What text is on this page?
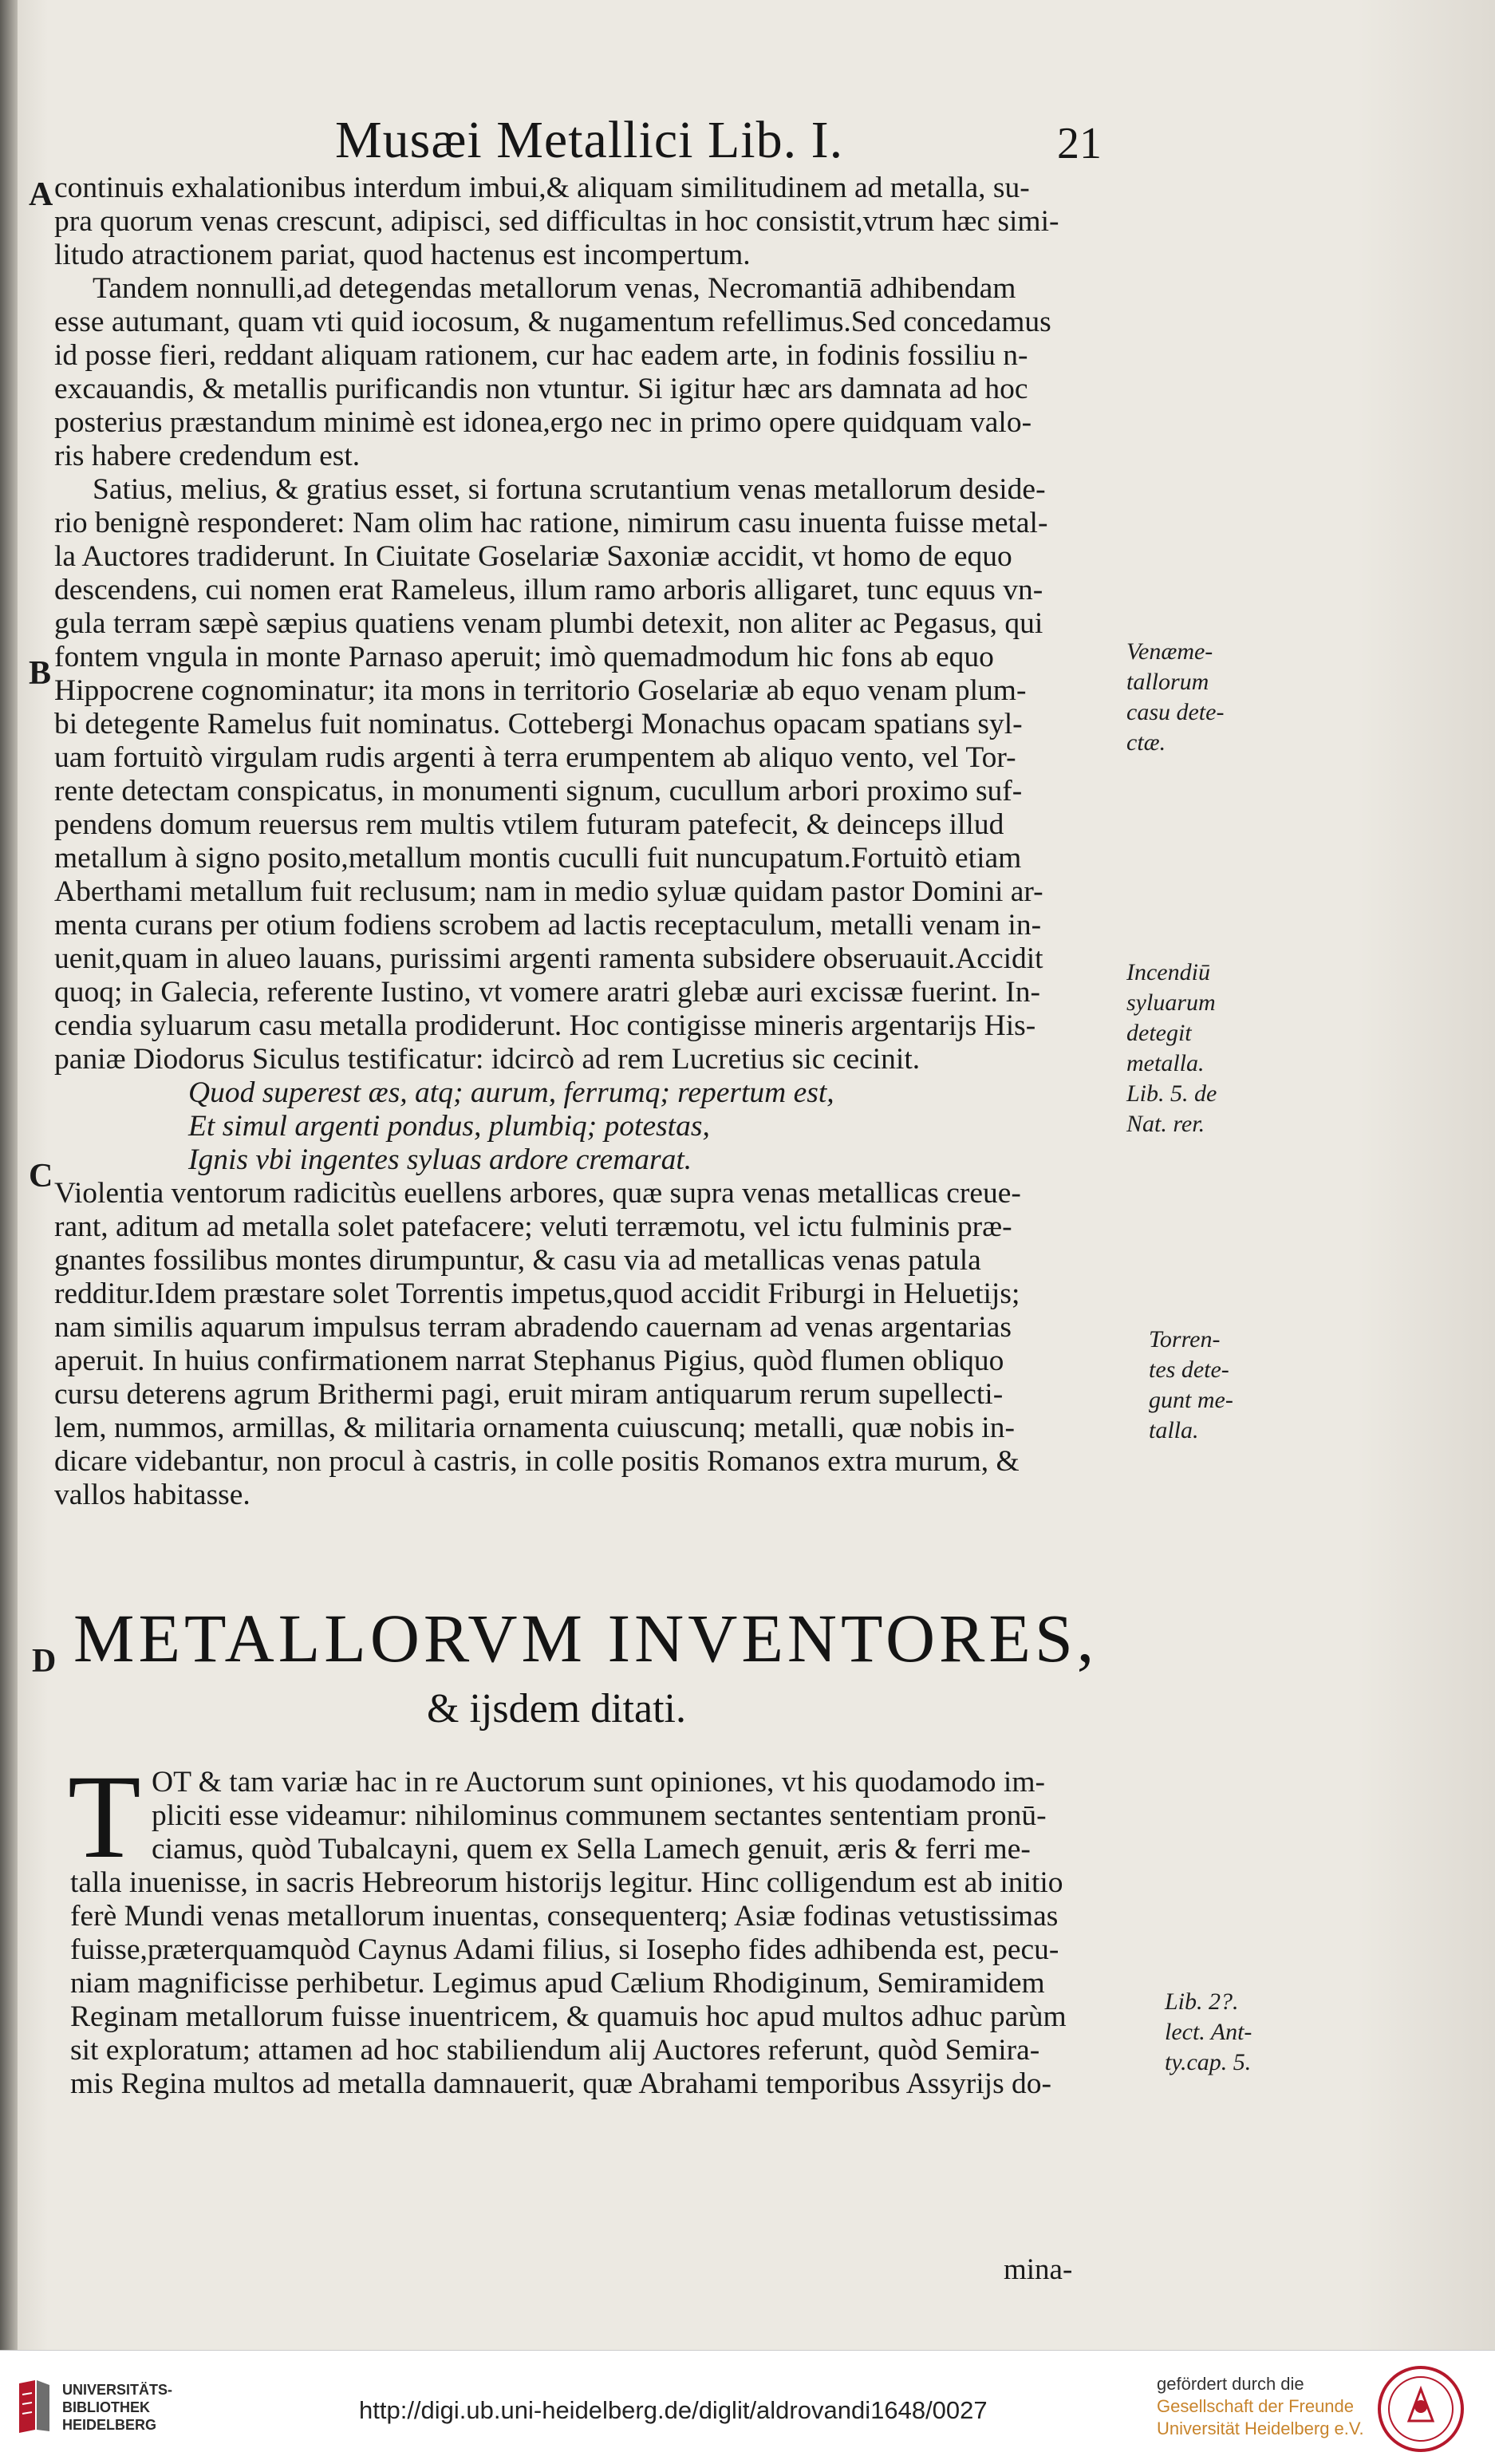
Musæi Metallici Lib. I.	21
A
B
C
D
continuis exhalationibus interdum imbui,& aliquam similitudinem ad metalla, su-
pra quorum venas crescunt, adipisci, sed difficultas in hoc consistit,vtrum hæc simi-
litudo atractionem pariat, quod hactenus est incompertum.
Tandem nonnulli,ad detegendas metallorum venas, Necromantiā adhibendam
esse autumant, quam vti quid iocosum, & nugamentum refellimus.Sed concedamus
id posse fieri, reddant aliquam rationem, cur hac eadem arte, in fodinis fossiliu n-
excauandis, & metallis purificandis non vtuntur. Si igitur hæc ars damnata ad hoc
posterius præstandum minimè est idonea,ergo nec in primo opere quidquam valo-
ris habere credendum est.
Satius, melius, & gratius esset, si fortuna scrutantium venas metallorum deside-
rio benignè responderet: Nam olim hac ratione, nimirum casu inuenta fuisse metal-
la Auctores tradiderunt. In Ciuitate Goselariæ Saxoniæ accidit, vt homo de equo
descendens, cui nomen erat Rameleus, illum ramo arboris alligaret, tunc equus vn-
gula terram sæpè sæpius quatiens venam plumbi detexit, non aliter ac Pegasus, qui
fontem vngula in monte Parnaso aperuit; imò quemadmodum hic fons ab equo
Hippocrene cognominatur; ita mons in territorio Goselariæ ab equo venam plum-
bi detegente Ramelus fuit nominatus. Cottebergi Monachus opacam spatians syl-
uam fortuitò virgulam rudis argenti à terra erumpentem ab aliquo vento, vel Tor-
rente detectam conspicatus, in monumenti signum, cucullum arbori proximo suf-
pendens domum reuersus rem multis vtilem futuram patefecit, & deinceps illud
metallum à signo posito,metallum montis cuculli fuit nuncupatum.Fortuitò etiam
Aberthami metallum fuit reclusum; nam in medio syluæ quidam pastor Domini ar-
menta curans per otium fodiens scrobem ad lactis receptaculum, metalli venam in-
uenit,quam in alueo lauans, purissimi argenti ramenta subsidere obseruauit.Accidit
quoq; in Galecia, referente Iustino, vt vomere aratri glebæ auri excissæ fuerint. In-
cendia syluarum casu metalla prodiderunt. Hoc contigisse mineris argentarijs His-
paniæ Diodorus Siculus testificatur: idcircò ad rem Lucretius sic cecinit.
Quod superest æs, atq; aurum, ferrumq; repertum est,
Et simul argenti pondus, plumbiq; potestas,
Ignis vbi ingentes syluas ardore cremarat.
Violentia ventorum radicitùs euellens arbores, quæ supra venas metallicas creue-
rant, aditum ad metalla solet patefacere; veluti terræmotu, vel ictu fulminis præ-
gnantes fossilibus montes dirumpuntur, & casu via ad metallicas venas patula
redditur.Idem præstare solet Torrentis impetus,quod accidit Friburgi in Heluetijs;
nam similis aquarum impulsus terram abradendo cauernam ad venas argentarias
aperuit. In huius confirmationem narrat Stephanus Pigius, quòd flumen obliquo
cursu deterens agrum Brithermi pagi, eruit miram antiquarum rerum supellecti-
lem, nummos, armillas, & militaria ornamenta cuiuscunq; metalli, quæ nobis in-
dicare videbantur, non procul à castris, in colle positis Romanos extra murum, &
vallos habitasse.
Venæme-
tallorum
casu dete-
ctæ.
Incendiū
syluarum
detegit
metalla.
Lib. 5. de
Nat. rer.
Torren-
tes dete-
gunt me-
talla.
Lib. 2?.
lect. Ant-
ty.cap. 5.
METALLORVM INVENTORES,
& ijsdem ditati.
T OT & tam variæ hac in re Auctorum sunt opiniones, vt his quodamodo im-
pliciti esse videamur: nihilominus communem sectantes sententiam pronū-
ciamus, quòd Tubalcayni, quem ex Sella Lamech genuit, æris & ferri me-
talla inuenisse, in sacris Hebreorum historijs legitur. Hinc colligendum est ab initio
ferè Mundi venas metallorum inuentas, consequenterq; Asiæ fodinas vetustissimas
fuisse,præterquamquòd Caynus Adami filius, si Iosepho fides adhibenda est, pecu-
niam magnificisse perhibetur. Legimus apud Cælium Rhodiginum, Semiramidem
Reginam metallorum fuisse inuentricem, & quamuis hoc apud multos adhuc parùm
sit exploratum; attamen ad hoc stabiliendum alij Auctores referunt, quòd Semira-
mis Regina multos ad metalla damnauerit, quæ Abrahami temporibus Assyrijs do-
mina-
UNIVERSITÄTS-
BIBLIOTHEK
HEIDELBERG
http://digi.ub.uni-heidelberg.de/diglit/aldrovandi1648/0027
gefördert durch die
Gesellschaft der Freunde
Universität Heidelberg e.V.
